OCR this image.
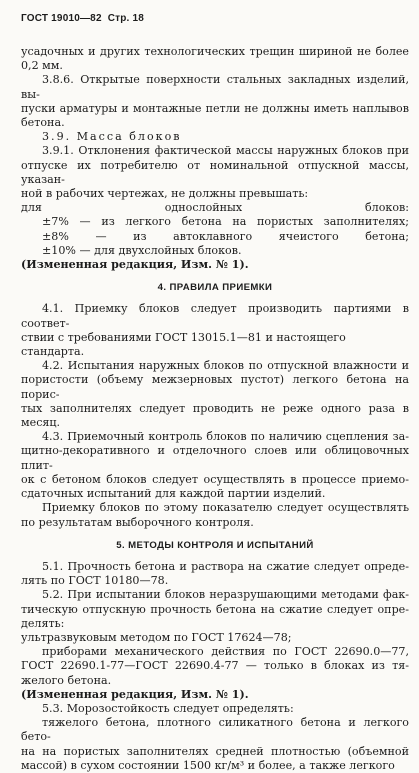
ГОСТ 19010—82 Стр. 18
усадочных и других технологических трещин шириной не более
0,2 мм.
3.8.6. Открытые поверхности стальных закладных изделий, вы-
пуски арматуры и монтажные петли не должны иметь наплывов
бетона.
3.9. Масса блоков
3.9.1. Отклонения фактической массы наружных блоков при
отпуске их потребителю от номинальной отпускной массы, указан-
ной в рабочих чертежах, не должны превышать:
для однослойных блоков:
±7% — из легкого бетона на пористых заполнителях;
±8% — из автоклавного ячеистого бетона;
±10% — для двухслойных блоков.
(Измененная редакция, Изм. № 1).
4. ПРАВИЛА ПРИЕМКИ
4.1. Приемку блоков следует производить партиями в соответ-
ствии с требованиями ГОСТ 13015.1—81 и настоящего стандарта.
4.2. Испытания наружных блоков по отпускной влажности и
пористости (объему межзерновых пустот) легкого бетона на порис-
тых заполнителях следует проводить не реже одного раза в
месяц.
4.3. Приемочный контроль блоков по наличию сцепления за-
щитно-декоративного и отделочного слоев или облицовочных плит-
ок с бетоном блоков следует осуществлять в процессе приемо-
сдаточных испытаний для каждой партии изделий.
Приемку блоков по этому показателю следует осуществлять
по результатам выборочного контроля.
5. МЕТОДЫ КОНТРОЛЯ И ИСПЫТАНИЙ
5.1. Прочность бетона и раствора на сжатие следует опреде-
лять по ГОСТ 10180—78.
5.2. При испытании блоков неразрушающими методами фак-
тическую отпускную прочность бетона на сжатие следует опре-
делять:
ультразвуковым методом по ГОСТ 17624—78;
приборами механического действия по ГОСТ 22690.0—77,
ГОСТ 22690.1-77—ГОСТ 22690.4-77 — только в блоках из тя-
желого бетона.
(Измененная редакция, Изм. № 1).
5.3. Морозостойкость следует определять:
тяжелого бетона, плотного силикатного бетона и легкого бето-
на на пористых заполнителях средней плотностью (объемной
массой) в сухом состоянии 1500 кг/м³ и более, а также легкого
